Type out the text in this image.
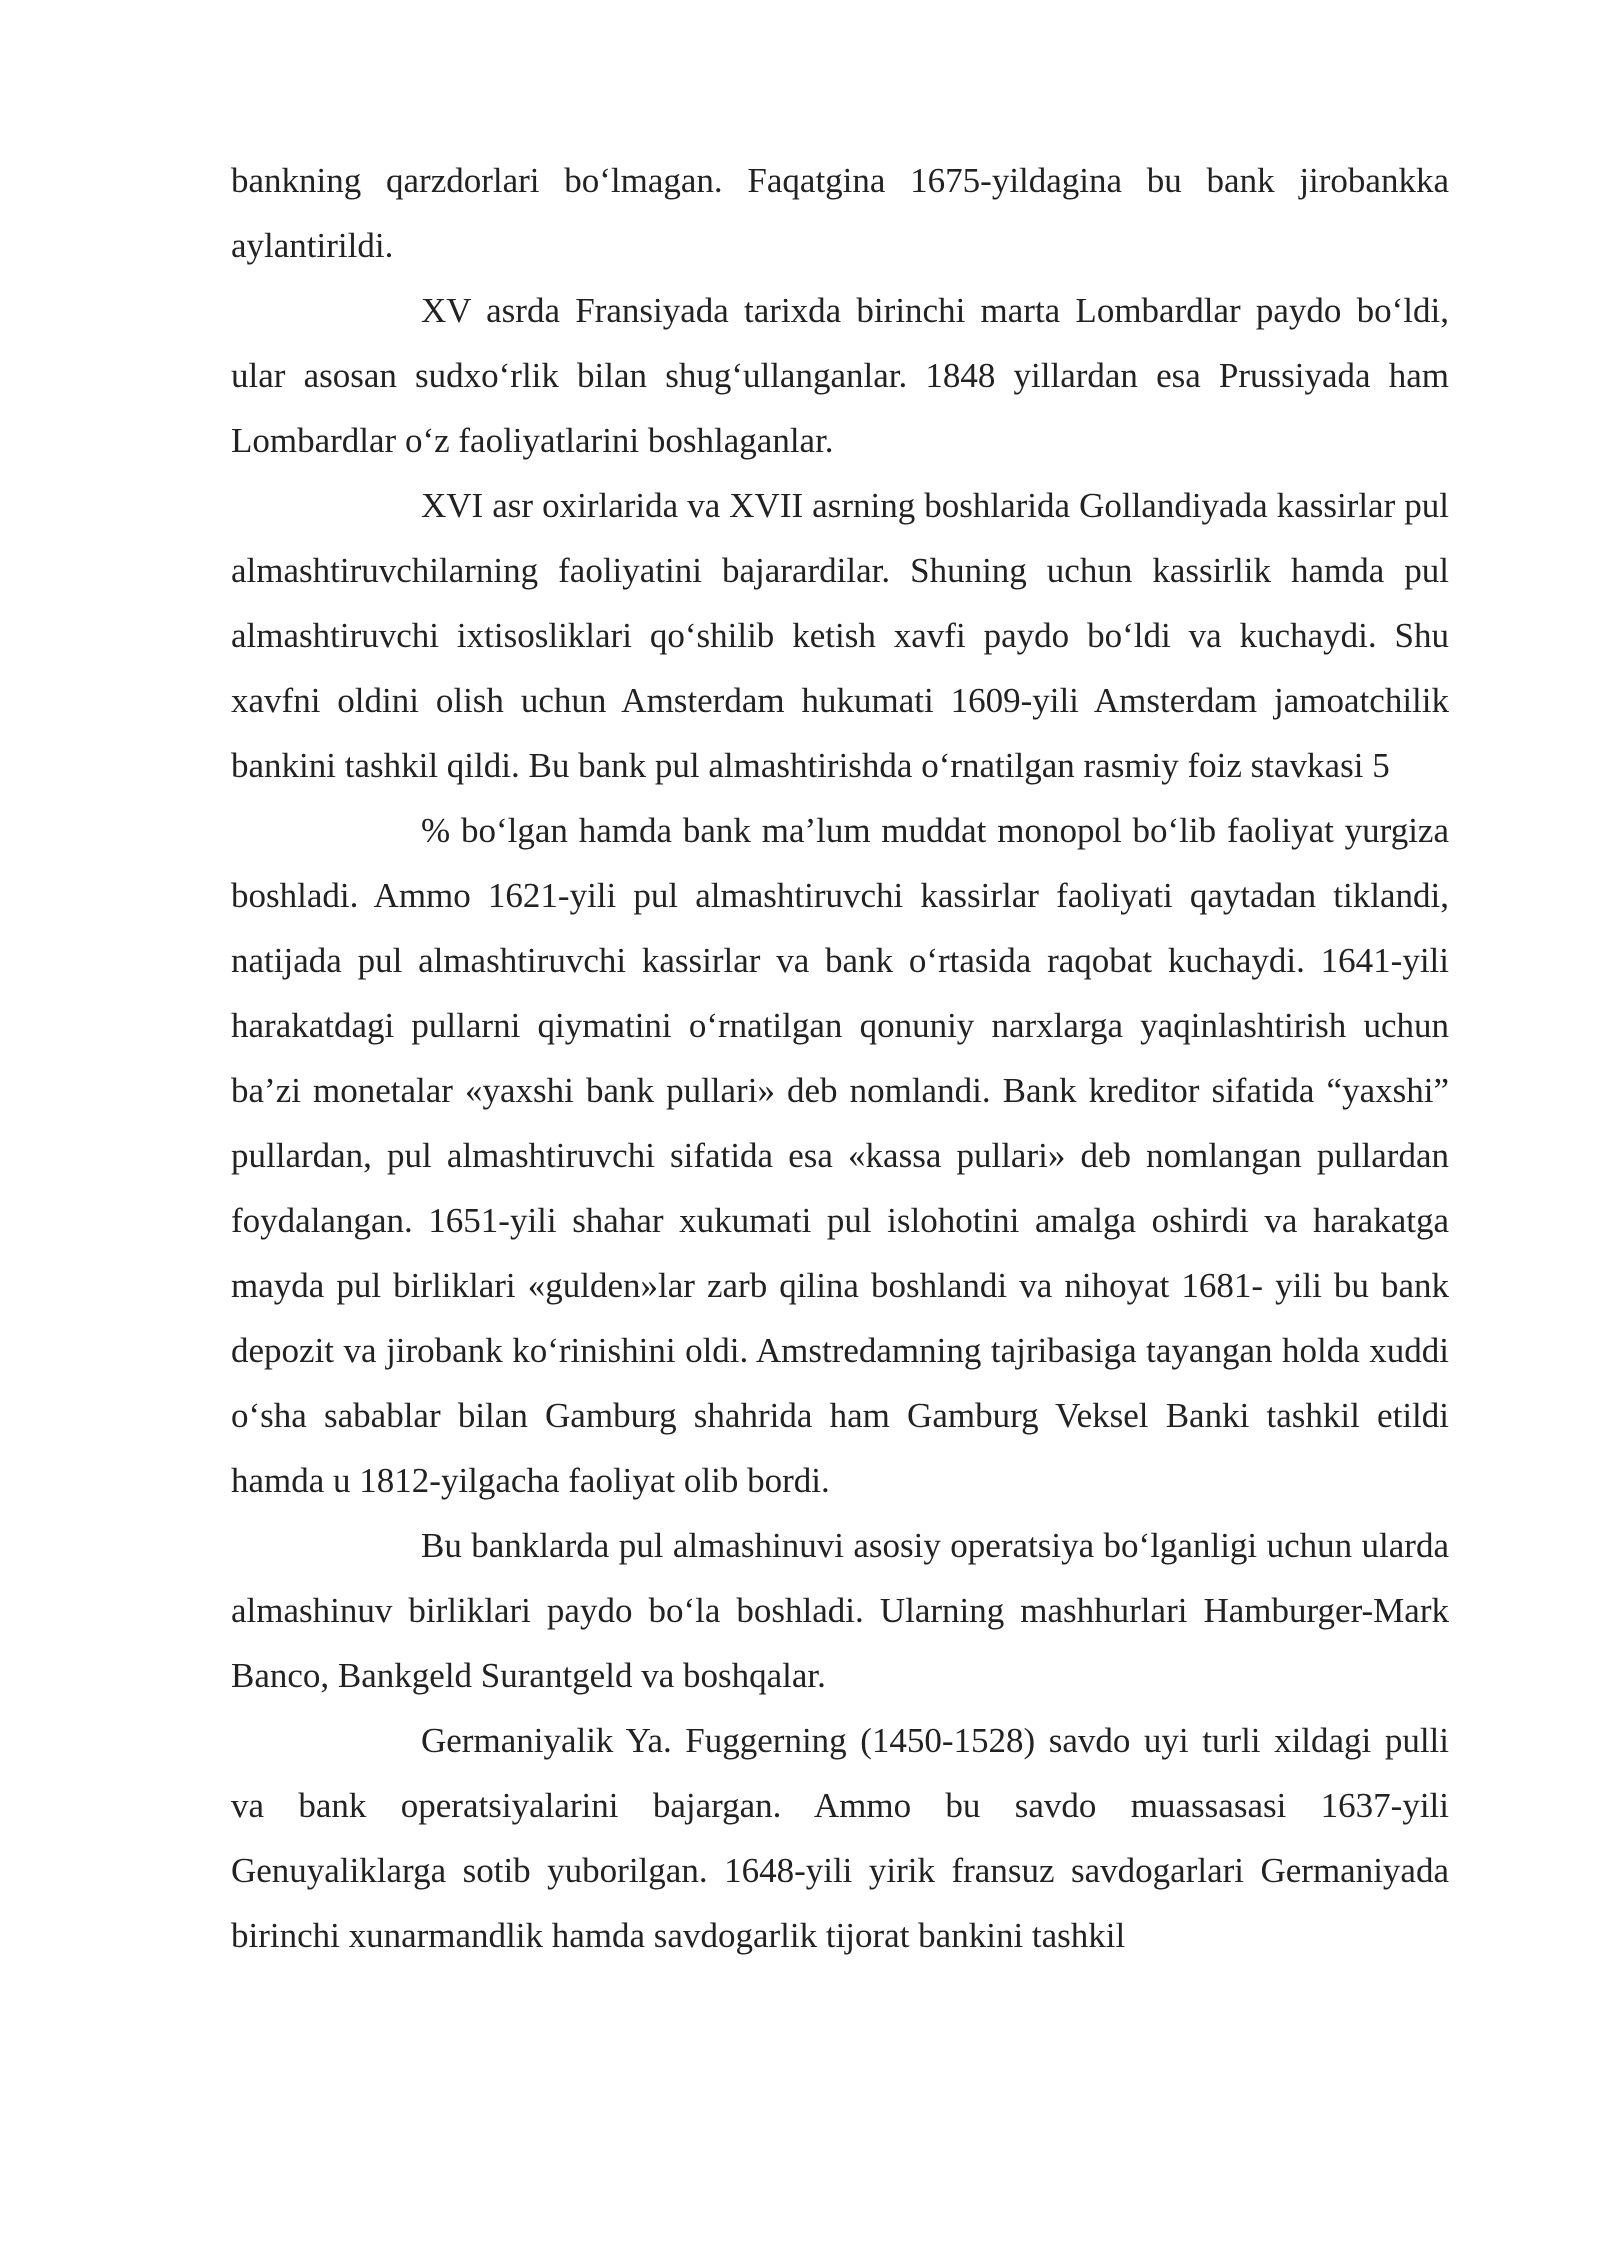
bankning qarzdorlari bo‘lmagan. Faqatgina 1675-yildagina bu bank jirobankka aylantirildi.

XV asrda Fransiyada tarixda birinchi marta Lombardlar paydo bo‘ldi, ular asosan sudxo‘rlik bilan shug‘ullanganlar. 1848 yillardan esa Prussiyada ham Lombardlar o‘z faoliyatlarini boshlaganlar.

XVI asr oxirlarida va XVII asrning boshlarida Gollandiyada kassirlar pul almashtiruvchilarning faoliyatini bajarardilar. Shuning uchun kassirlik hamda pul almashtiruvchi ixtisosliklari qo‘shilib ketish xavfi paydo bo‘ldi va kuchaydi. Shu xavfni oldini olish uchun Amsterdam hukumati 1609-yili Amsterdam jamoatchilik bankini tashkil qildi. Bu bank pul almashtirishda o‘rnatilgan rasmiy foiz stavkasi 5

% bo‘lgan hamda bank ma’lum muddat monopol bo‘lib faoliyat yurgiza boshladi. Ammo 1621-yili pul almashtiruvchi kassirlar faoliyati qaytadan tiklandi, natijada pul almashtiruvchi kassirlar va bank o‘rtasida raqobat kuchaydi. 1641-yili harakatdagi pullarni qiymatini o‘rnatilgan qonuniy narxlarga yaqinlashtirish uchun ba’zi monetalar «yaxshi bank pullari» deb nomlandi. Bank kreditor sifatida “yaxshi” pullardan, pul almashtiruvchi sifatida esa «kassa pullari» deb nomlangan pullardan foydalangan. 1651-yili shahar xukumati pul islohotini amalga oshirdi va harakatga mayda pul birliklari «gulden»lar zarb qilina boshlandi va nihoyat 1681- yili bu bank depozit va jirobank ko‘rinishini oldi. Amstredamning tajribasiga tayangan holda xuddi o‘sha sabablar bilan Gamburg shahrida ham Gamburg Veksel Banki tashkil etildi hamda u 1812-yilgacha faoliyat olib bordi.

Bu banklarda pul almashinuvi asosiy operatsiya bo‘lganligi uchun ularda almashinuv birliklari paydo bo‘la boshladi. Ularning mashhurlari Hamburger-Mark Banco, Bankgeld Surantgeld va boshqalar.

Germaniyalik Ya. Fuggerning (1450-1528) savdo uyi turli xildagi pulli va bank operatsiyalarini bajargan. Ammo bu savdo muassasasi 1637-yili Genuyaliklarga sotib yuborilgan. 1648-yili yirik fransuz savdogarlari Germaniyada birinchi xunarmandlik hamda savdogarlik tijorat bankini tashkil
